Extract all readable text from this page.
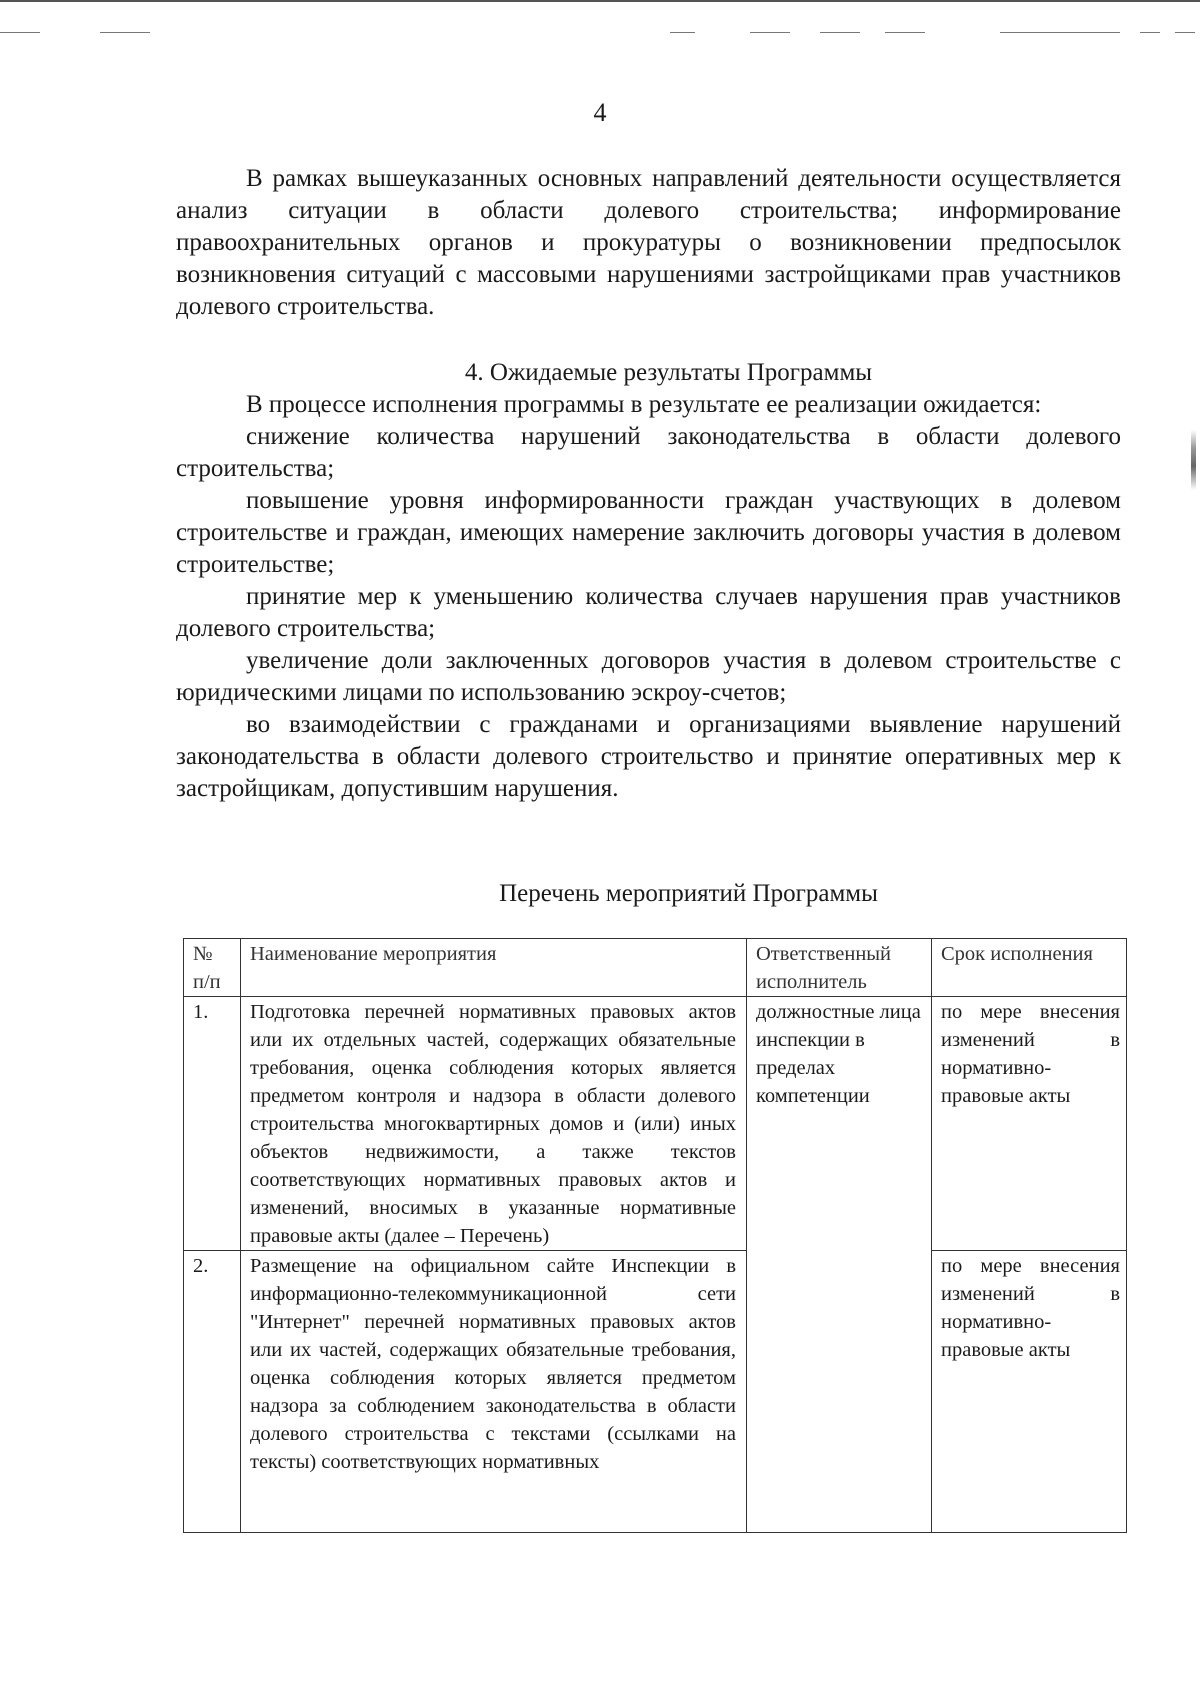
4

В рамках вышеуказанных основных направлений деятельности осуществляется анализ ситуации в области долевого строительства; информирование правоохранительных органов и прокуратуры о возникновении предпосылок возникновения ситуаций с массовыми нарушениями застройщиками прав участников долевого строительства.

4. Ожидаемые результаты Программы

В процессе исполнения программы в результате ее реализации ожидается:

снижение количества нарушений законодательства в области долевого строительства;

повышение уровня информированности граждан участвующих в долевом строительстве и граждан, имеющих намерение заключить договоры участия в долевом строительстве;

принятие мер к уменьшению количества случаев нарушения прав участников долевого строительства;

увеличение доли заключенных договоров участия в долевом строительстве с юридическими лицами по использованию эскроу-счетов;

во взаимодействии с гражданами и организациями выявление нарушений законодательства в области долевого строительство и принятие оперативных мер к застройщикам, допустившим нарушения.

Перечень мероприятий Программы
№ п/п	Наименование мероприятия	Ответственный исполнитель	Срок исполнения
1.	Подготовка перечней нормативных правовых актов или их отдельных частей, содержащих обязательные требования, оценка соблюдения которых является предметом контроля и надзора в области долевого строительства многоквартирных домов и (или) иных объектов недвижимости, а также текстов соответствующих нормативных правовых актов и изменений, вносимых в указанные нормативные правовые акты (далее – Перечень)	должностные лица инспекции в пределах компетенции	по мере внесения изменений в нормативно-правовые акты
2.	Размещение на официальном сайте Инспекции в информационно-телекоммуникационной сети "Интернет" перечней нормативных правовых актов или их частей, содержащих обязательные требования, оценка соблюдения которых является предметом надзора за соблюдением законодательства в области долевого строительства с текстами (ссылками на тексты) соответствующих нормативных		по мере внесения изменений в нормативно-правовые акты
